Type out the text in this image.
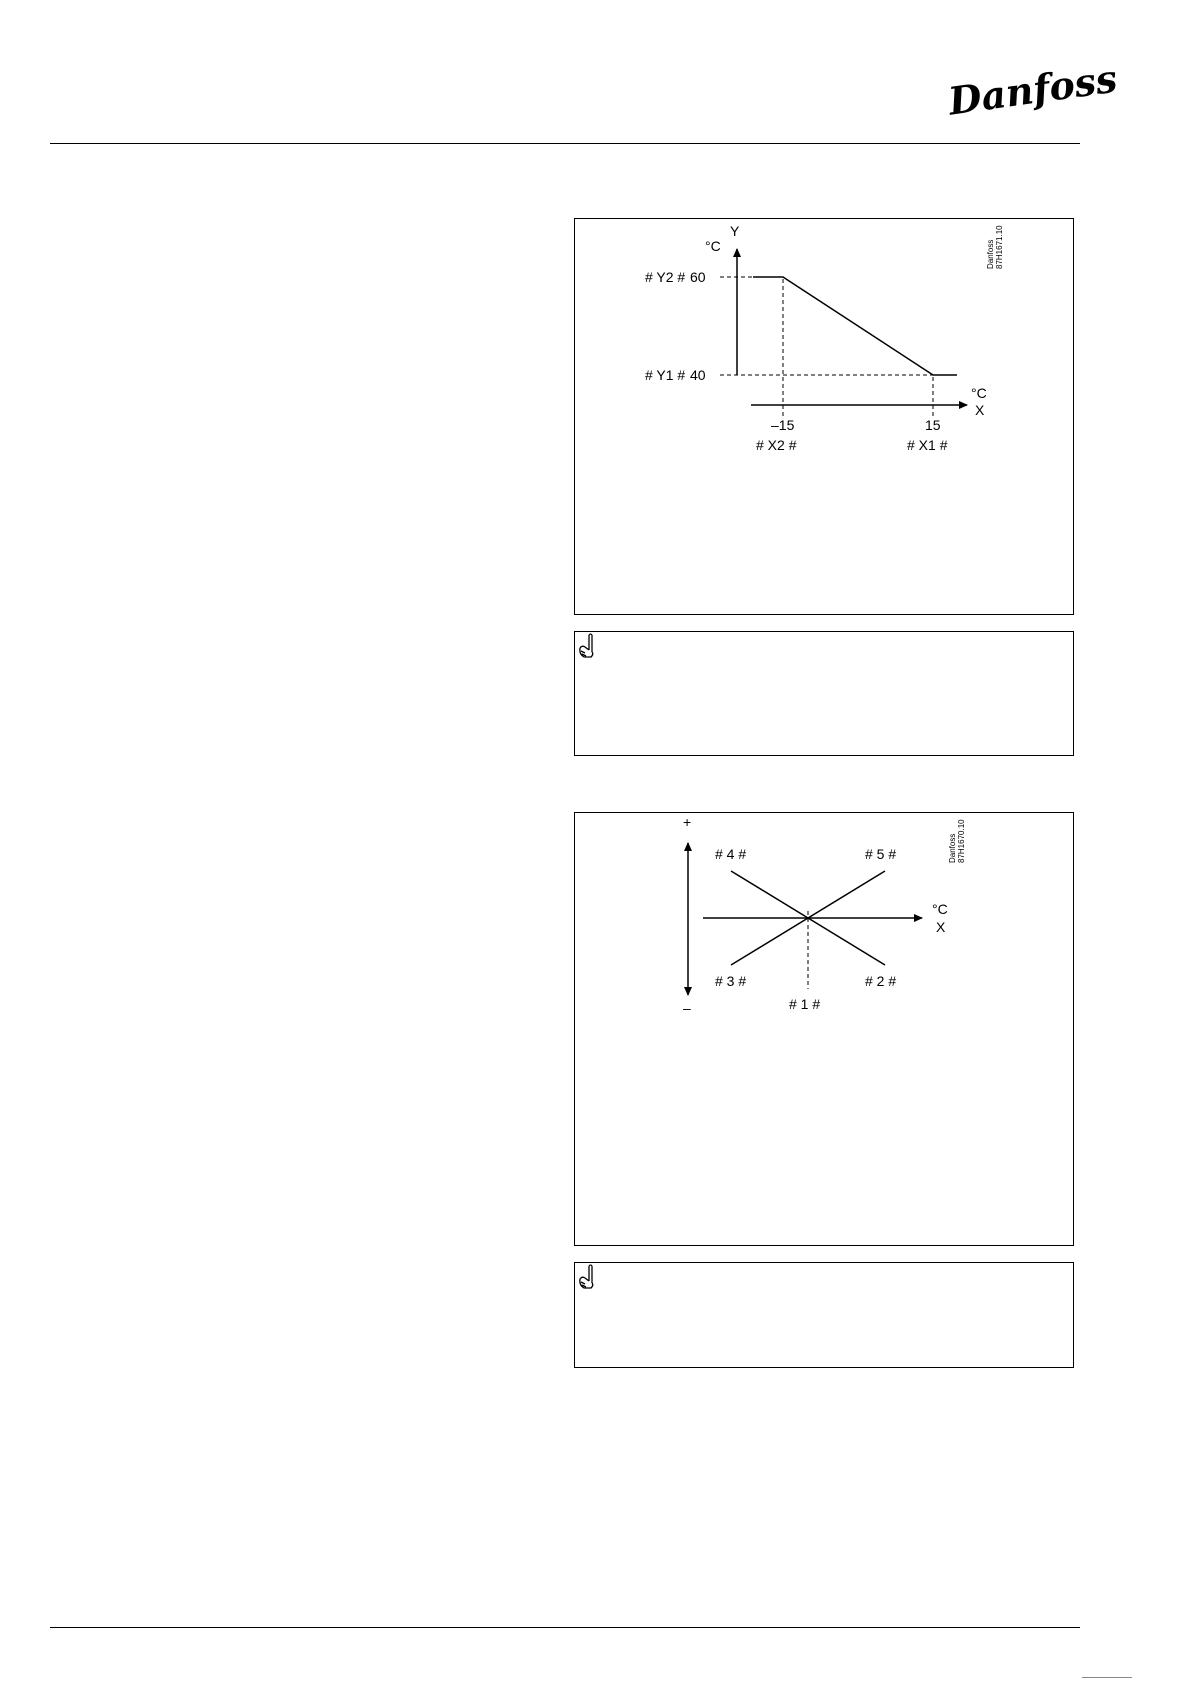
Danfoss
Y
°C
# Y2 # 60
# Y1 # 40
°C
X
–15
# X2 #
15
# X1 #
Danfoss 87H1671.10
+
–
# 4 #	# 5 #
# 3 #	# 2 #
# 1 #
°C
X
Danfoss 87H1670.10
